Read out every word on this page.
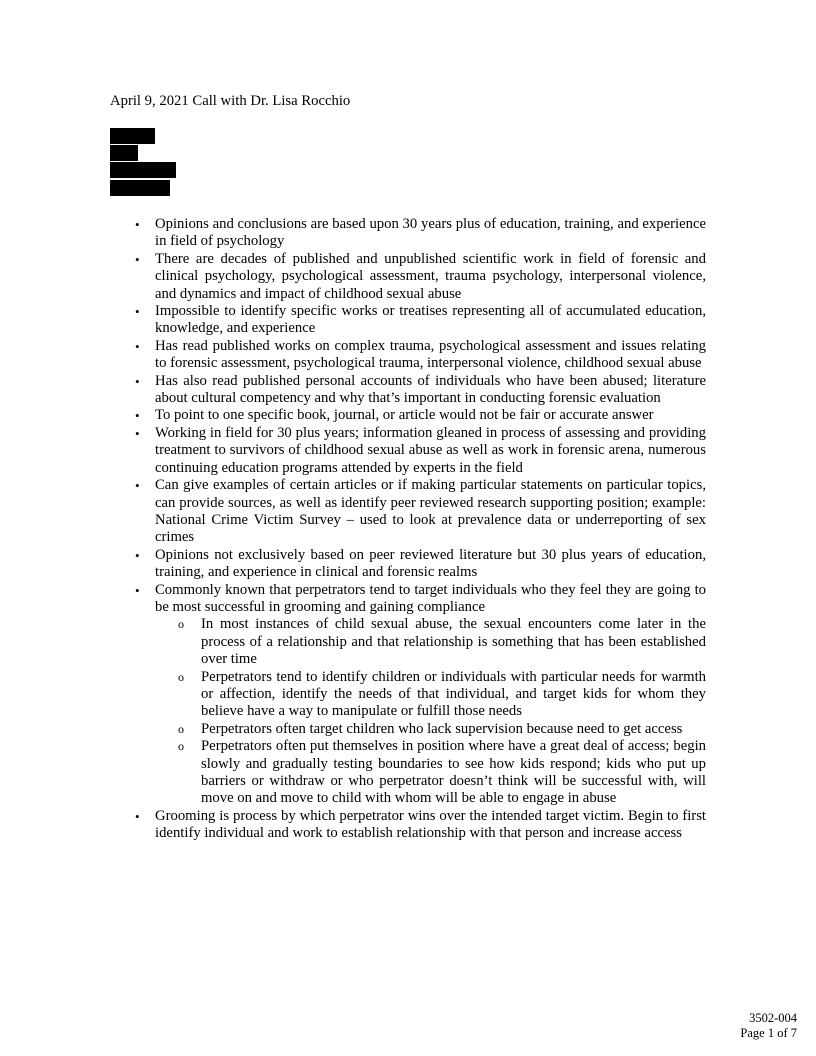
April 9, 2021 Call with Dr. Lisa Rocchio
• Opinions and conclusions are based upon 30 years plus of education, training, and experience in field of psychology
• There are decades of published and unpublished scientific work in field of forensic and clinical psychology, psychological assessment, trauma psychology, interpersonal violence, and dynamics and impact of childhood sexual abuse
• Impossible to identify specific works or treatises representing all of accumulated education, knowledge, and experience
• Has read published works on complex trauma, psychological assessment and issues relating to forensic assessment, psychological trauma, interpersonal violence, childhood sexual abuse
• Has also read published personal accounts of individuals who have been abused; literature about cultural competency and why that’s important in conducting forensic evaluation
• To point to one specific book, journal, or article would not be fair or accurate answer
• Working in field for 30 plus years; information gleaned in process of assessing and providing treatment to survivors of childhood sexual abuse as well as work in forensic arena, numerous continuing education programs attended by experts in the field
• Can give examples of certain articles or if making particular statements on particular topics, can provide sources, as well as identify peer reviewed research supporting position; example: National Crime Victim Survey – used to look at prevalence data or underreporting of sex crimes
• Opinions not exclusively based on peer reviewed literature but 30 plus years of education, training, and experience in clinical and forensic realms
• Commonly known that perpetrators tend to target individuals who they feel they are going to be most successful in grooming and gaining compliance
o In most instances of child sexual abuse, the sexual encounters come later in the process of a relationship and that relationship is something that has been established over time
o Perpetrators tend to identify children or individuals with particular needs for warmth or affection, identify the needs of that individual, and target kids for whom they believe have a way to manipulate or fulfill those needs
o Perpetrators often target children who lack supervision because need to get access
o Perpetrators often put themselves in position where have a great deal of access; begin slowly and gradually testing boundaries to see how kids respond; kids who put up barriers or withdraw or who perpetrator doesn’t think will be successful with, will move on and move to child with whom will be able to engage in abuse
• Grooming is process by which perpetrator wins over the intended target victim. Begin to first identify individual and work to establish relationship with that person and increase access
3502-004
Page 1 of 7
